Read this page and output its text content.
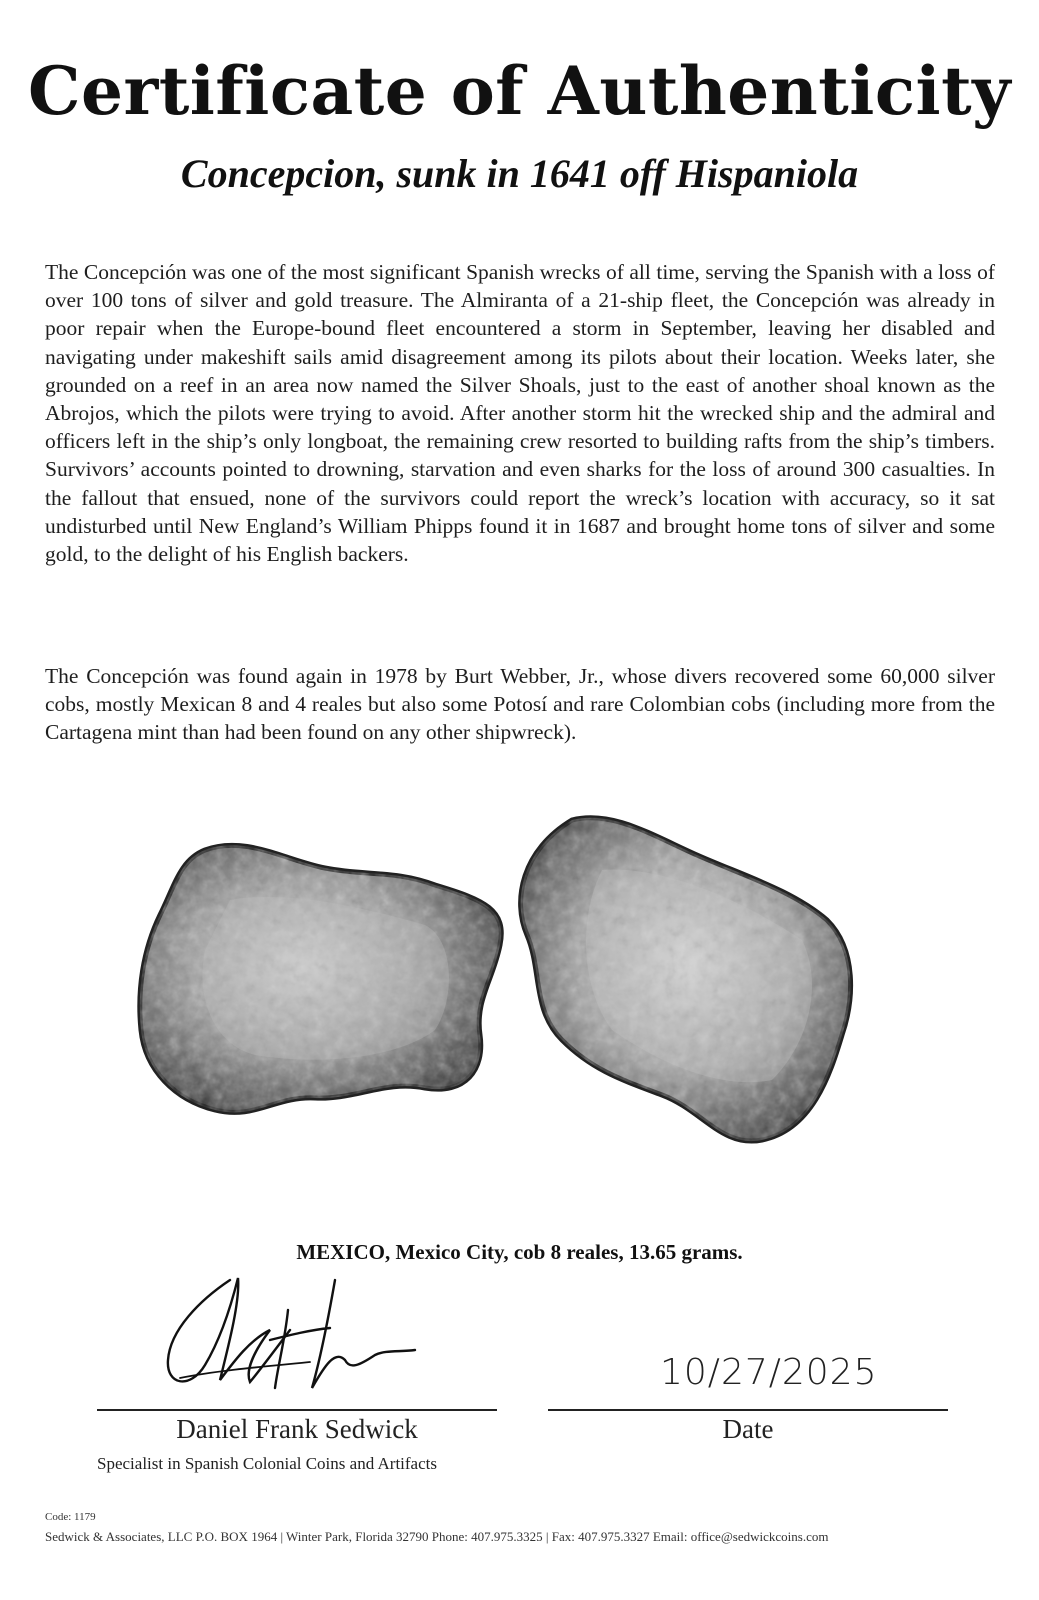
Certificate of Authenticity
Concepcion, sunk in 1641 off Hispaniola

The Concepción was one of the most significant Spanish wrecks of all time, serving the Spanish with a loss of over 100 tons of silver and gold treasure. The Almiranta of a 21-ship fleet, the Concepción was already in poor repair when the Europe-bound fleet encountered a storm in September, leaving her disabled and navigating under makeshift sails amid disagreement among its pilots about their location. Weeks later, she grounded on a reef in an area now named the Silver Shoals, just to the east of another shoal known as the Abrojos, which the pilots were trying to avoid. After another storm hit the wrecked ship and the admiral and officers left in the ship’s only longboat, the remaining crew resorted to building rafts from the ship’s timbers. Survivors’ accounts pointed to drowning, starvation and even sharks for the loss of around 300 casualties. In the fallout that ensued, none of the survivors could report the wreck’s location with accuracy, so it sat undisturbed until New England’s William Phipps found it in 1687 and brought home tons of silver and some gold, to the delight of his English backers.

The Concepción was found again in 1978 by Burt Webber, Jr., whose divers recovered some 60,000 silver cobs, mostly Mexican 8 and 4 reales but also some Potosí and rare Colombian cobs (including more from the Cartagena mint than had been found on any other shipwreck).

MEXICO, Mexico City, cob 8 reales, 13.65 grams.

10/27/2025
Daniel Frank Sedwick
Specialist in Spanish Colonial Coins and Artifacts
Date
Code: 1179
Sedwick & Associates, LLC P.O. BOX 1964 | Winter Park, Florida 32790 Phone: 407.975.3325 | Fax: 407.975.3327 Email: office@sedwickcoins.com
